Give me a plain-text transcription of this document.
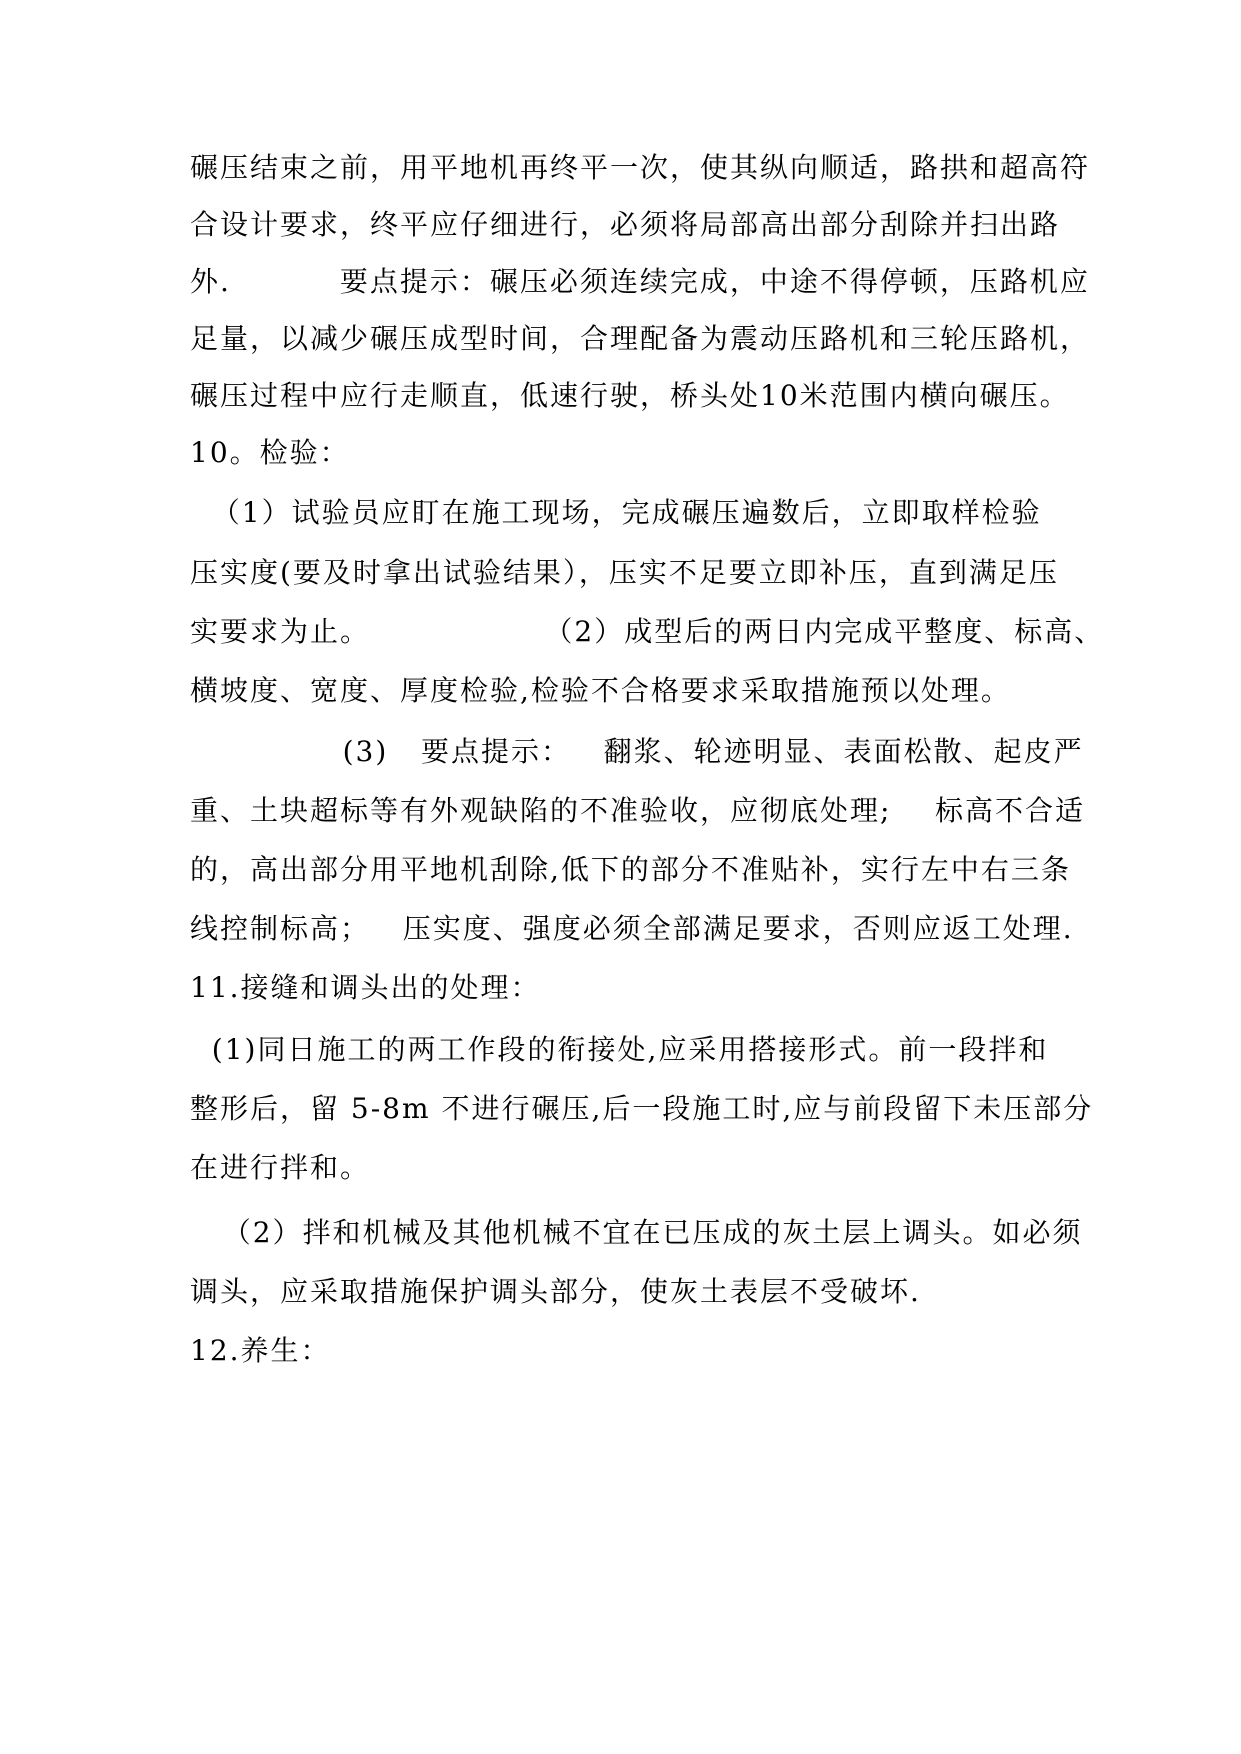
碾压结束之前，用平地机再终平一次，使其纵向顺适，路拱和超高符
合设计要求，终平应仔细进行，必须将局部高出部分刮除并扫出路
外.          要点提示：碾压必须连续完成，中途不得停顿，压路机应
足量，以减少碾压成型时间，合理配备为震动压路机和三轮压路机，
碾压过程中应行走顺直，低速行驶，桥头处10米范围内横向碾压。
10。检验：
（1）试验员应盯在施工现场，完成碾压遍数后，立即取样检验
压实度(要及时拿出试验结果），压实不足要立即补压，直到满足压
实要求为止。                （2）成型后的两日内完成平整度、标高、
横坡度、宽度、厚度检验,检验不合格要求采取措施预以处理。
(3)   要点提示：   翻浆、轮迹明显、表面松散、起皮严
重、土块超标等有外观缺陷的不准验收，应彻底处理;    标高不合适
的，高出部分用平地机刮除,低下的部分不准贴补，实行左中右三条
线控制标高；   压实度、强度必须全部满足要求，否则应返工处理.
11.接缝和调头出的处理：
(1)同日施工的两工作段的衔接处,应采用搭接形式。前一段拌和
整形后，留 5-8m 不进行碾压,后一段施工时,应与前段留下未压部分
在进行拌和。
（2）拌和机械及其他机械不宜在已压成的灰土层上调头。如必须
调头，应采取措施保护调头部分，使灰土表层不受破坏.
12.养生：
